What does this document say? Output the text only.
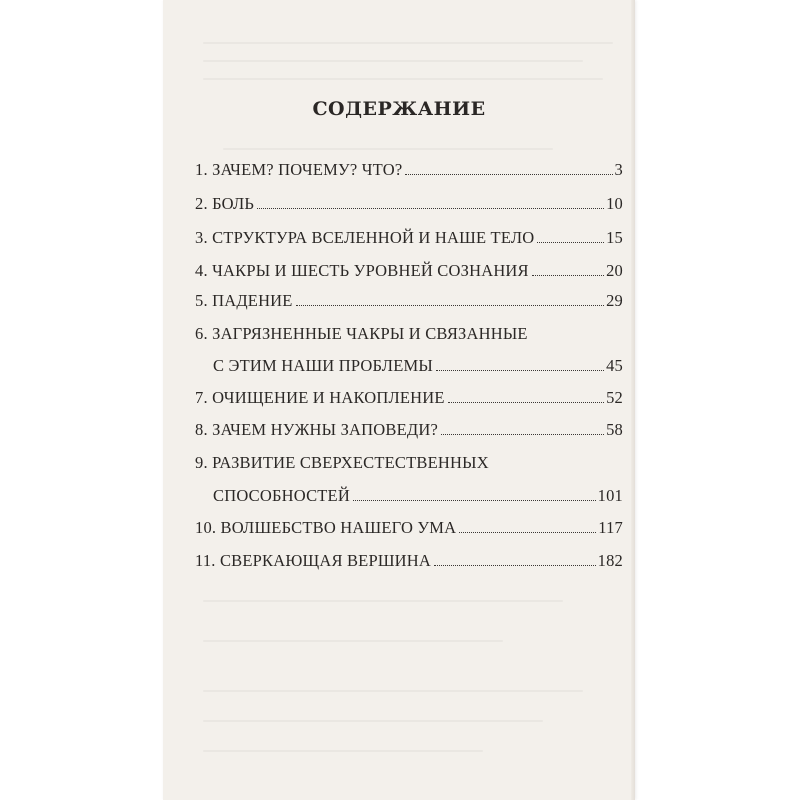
СОДЕРЖАНИЕ
1. ЗАЧЕМ? ПОЧЕМУ? ЧТО?	3
2. БОЛЬ	10
3. СТРУКТУРА ВСЕЛЕННОЙ И НАШЕ ТЕЛО	15
4. ЧАКРЫ И ШЕСТЬ УРОВНЕЙ СОЗНАНИЯ	20
5. ПАДЕНИЕ	29
6. ЗАГРЯЗНЕННЫЕ ЧАКРЫ И СВЯЗАННЫЕ
С ЭТИМ НАШИ ПРОБЛЕМЫ	45
7. ОЧИЩЕНИЕ И НАКОПЛЕНИЕ	52
8. ЗАЧЕМ НУЖНЫ ЗАПОВЕДИ?	58
9. РАЗВИТИЕ СВЕРХЕСТЕСТВЕННЫХ
СПОСОБНОСТЕЙ	101
10. ВОЛШЕБСТВО НАШЕГО УМА	117
11. СВЕРКАЮЩАЯ ВЕРШИНА	182
